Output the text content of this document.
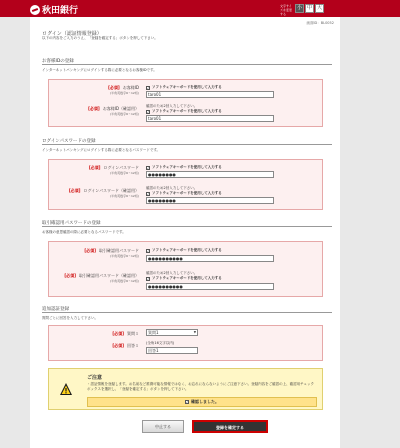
秋田銀行	文字サイズを変更する
小 中 大
画面ID：BL0052
ログイン（認証情報登録）
以下の内容をご入力のうえ、「登録を確定する」ボタンを押して下さい。
お客様IDの登録
インターネットバンキングにログインする際に必要となるお客様IDです。
[必須] お客様ID
(半角英数字6〜12桁)
✓ ソフトウェアキーボードを使用して入力する
taro01
[必須] お客様ID（確認用）
(半角英数字6〜12桁)
確認のため2回入力して下さい。
✓ ソフトウェアキーボードを使用して入力する
taro01
ログインパスワードの登録
インターネットバンキングにログインする際に必要となるパスワードです。
[必須] ログインパスワード
(半角英数字6〜12桁)
✓ ソフトウェアキーボードを使用して入力する
●●●●●●●●
[必須] ログインパスワード（確認用）
(半角英数字6〜12桁)
確認のため2回入力して下さい。
✓ ソフトウェアキーボードを使用して入力する
●●●●●●●●
取引確認用パスワードの登録
お客様の意思確認の際に必要となるパスワードです。
[必須] 取引確認用パスワード
(半角英数字6〜12桁)
✓ ソフトウェアキーボードを使用して入力する
●●●●●●●●●●
[必須] 取引確認用パスワード（確認用）
(半角英数字6〜12桁)
確認のため2回入力して下さい。
✓ ソフトウェアキーボードを使用して入力する
●●●●●●●●●●
追加認証登録
質問ごとに回答を入力して下さい。
[必須] 質問１	質問1	▼
[必須] 回答１ (全角16文字以内)
回答1
ご注意
・認証情報を登録します。お名前など推測可能な情報ではなく、お忘れにならないようにご注意下さい。登録内容をご確認の上、確認用チェックボックスを選択し、「登録を確定する」ボタンを押して下さい。
✓ 確認しました。
中止する	登録を確定する
